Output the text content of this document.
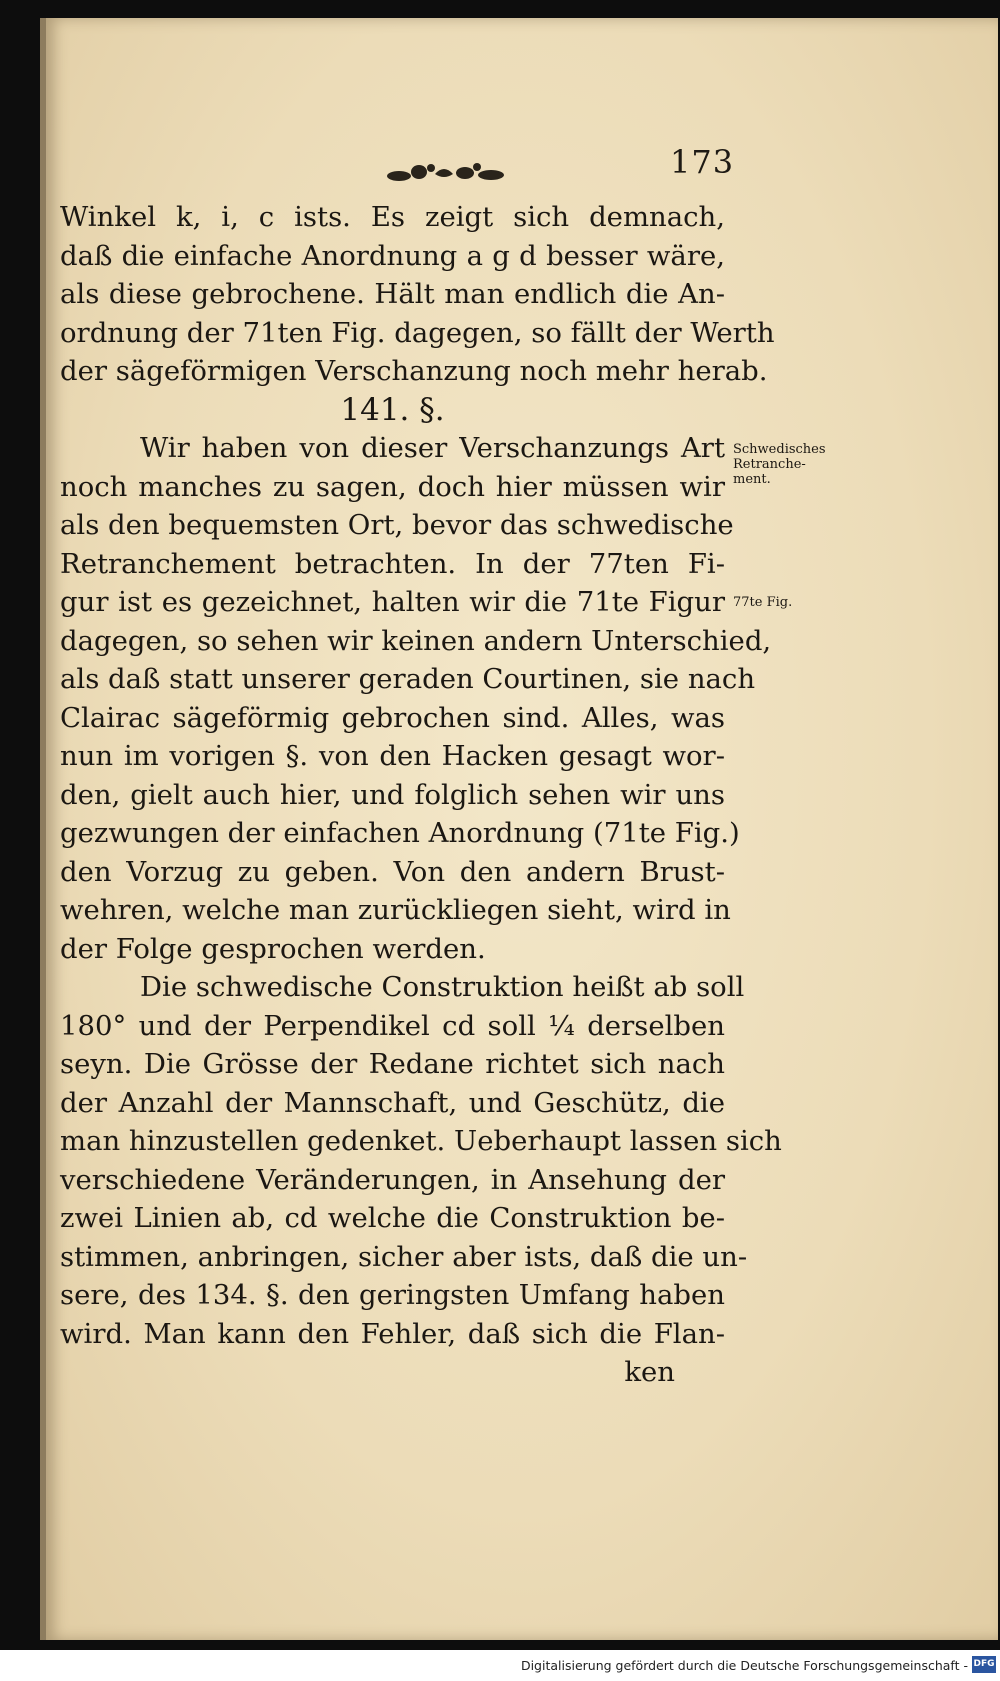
173
Winkel k, i, c ists. Es zeigt sich demnach,
daß die einfache Anordnung a g d besser wäre,
als diese gebrochene. Hält man endlich die An-
ordnung der 71ten Fig. dagegen, so fällt der Werth
der sägeförmigen Verschanzung noch mehr herab.
141. §.
Wir haben von dieser Verschanzungs Art
noch manches zu sagen, doch hier müssen wir
als den bequemsten Ort, bevor das schwedische
Retranchement betrachten. In der 77ten Fi-
gur ist es gezeichnet, halten wir die 71te Figur
dagegen, so sehen wir keinen andern Unterschied,
als daß statt unserer geraden Courtinen, sie nach
Clairac sägeförmig gebrochen sind. Alles, was
nun im vorigen §. von den Hacken gesagt wor-
den, gielt auch hier, und folglich sehen wir uns
gezwungen der einfachen Anordnung (71te Fig.)
den Vorzug zu geben. Von den andern Brust-
wehren, welche man zurückliegen sieht, wird in
der Folge gesprochen werden.
Die schwedische Construktion heißt ab soll
180° und der Perpendikel cd soll ¼ derselben
seyn. Die Grösse der Redane richtet sich nach
der Anzahl der Mannschaft, und Geschütz, die
man hinzustellen gedenket. Ueberhaupt lassen sich
verschiedene Veränderungen, in Ansehung der
zwei Linien ab, cd welche die Construktion be-
stimmen, anbringen, sicher aber ists, daß die un-
sere, des 134. §. den geringsten Umfang haben
wird. Man kann den Fehler, daß sich die Flan-
ken
Schwedisches
Retranche-
ment.
77te Fig.
Digitalisierung gefördert durch die Deutsche Forschungsgemeinschaft - DFG
